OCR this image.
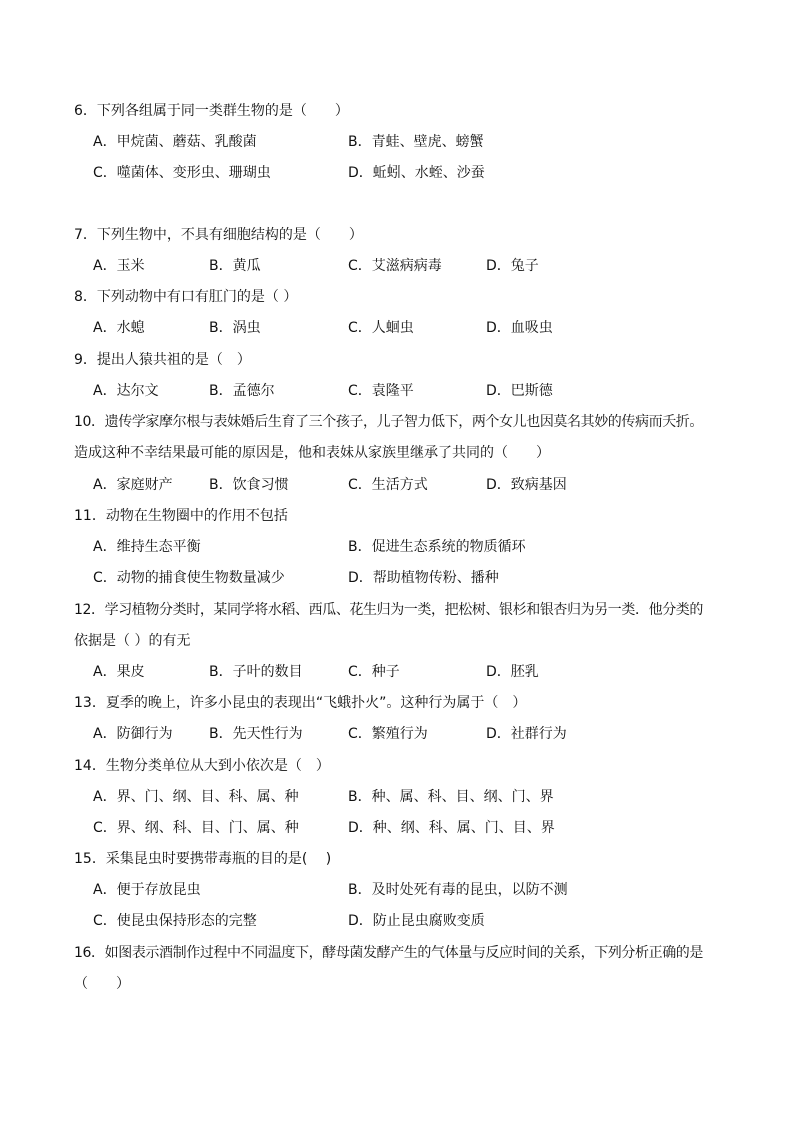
6．下列各组属于同一类群生物的是（　　）
A．甲烷菌、蘑菇、乳酸菌	B．青蛙、壁虎、螃蟹
C．噬菌体、变形虫、珊瑚虫	D．蚯蚓、水蛭、沙蚕
7．下列生物中，不具有细胞结构的是（　　）
A．玉米	B．黄瓜	C．艾滋病病毒	D．兔子
8．下列动物中有口有肛门的是（ ）
A．水螅	B．涡虫	C．人蛔虫	D．血吸虫
9．提出人猿共祖的是（　）
A．达尔文	B．孟德尔	C．袁隆平	D．巴斯德
10．遗传学家摩尔根与表妹婚后生育了三个孩子，儿子智力低下，两个女儿也因莫名其妙的传病而夭折。
造成这种不幸结果最可能的原因是，他和表妹从家族里继承了共同的（　　）
A．家庭财产	B．饮食习惯	C．生活方式	D．致病基因
11．动物在生物圈中的作用不包括
A．维持生态平衡	B．促进生态系统的物质循环
C．动物的捕食使生物数量减少	D．帮助植物传粉、播种
12．学习植物分类时，某同学将水稻、西瓜、花生归为一类，把松树、银杉和银杏归为另一类．他分类的
依据是（ ）的有无
A．果皮	B．子叶的数目	C．种子	D．胚乳
13．夏季的晚上，许多小昆虫的表现出“飞蛾扑火”。这种行为属于（　）
A．防御行为	B．先天性行为	C．繁殖行为	D．社群行为
14．生物分类单位从大到小依次是（　）
A．界、门、纲、目、科、属、种	B．种、属、科、目、纲、门、界
C．界、纲、科、目、门、属、种	D．种、纲、科、属、门、目、界
15．采集昆虫时要携带毒瓶的目的是(　 )
A．便于存放昆虫	B．及时处死有毒的昆虫，以防不测
C．使昆虫保持形态的完整	D．防止昆虫腐败变质
16．如图表示酒制作过程中不同温度下，酵母菌发酵产生的气体量与反应时间的关系，下列分析正确的是
（　　）
